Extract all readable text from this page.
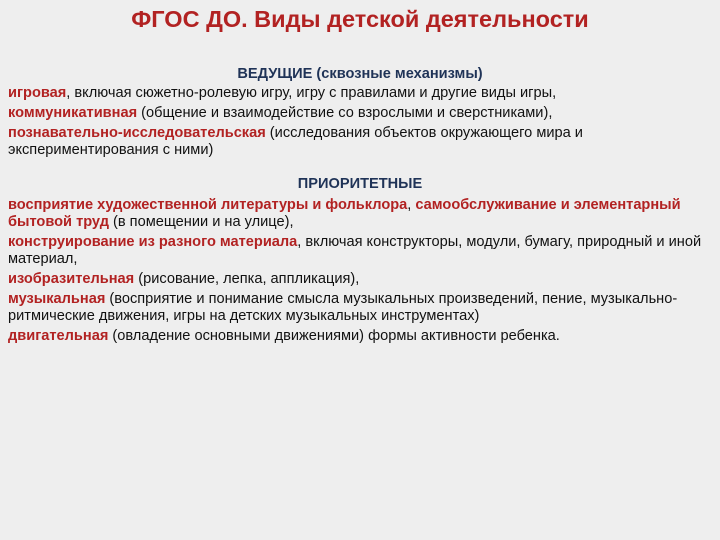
ФГОС ДО. Виды детской деятельности
ВЕДУЩИЕ (сквозные механизмы)
игровая, включая сюжетно-ролевую игру, игру с правилами и другие виды игры,
коммуникативная (общение и взаимодействие со взрослыми и сверстниками),
познавательно-исследовательская (исследования объектов окружающего мира и экспериментирования с ними)
ПРИОРИТЕТНЫЕ
восприятие художественной литературы и фольклора, самообслуживание и элементарный бытовой труд (в помещении и на улице),
конструирование из разного материала, включая конструкторы, модули, бумагу, природный и иной материал,
изобразительная (рисование, лепка, аппликация),
музыкальная (восприятие и понимание смысла музыкальных произведений, пение, музыкально-ритмические движения, игры на детских музыкальных инструментах)
двигательная (овладение основными движениями) формы активности ребенка.
